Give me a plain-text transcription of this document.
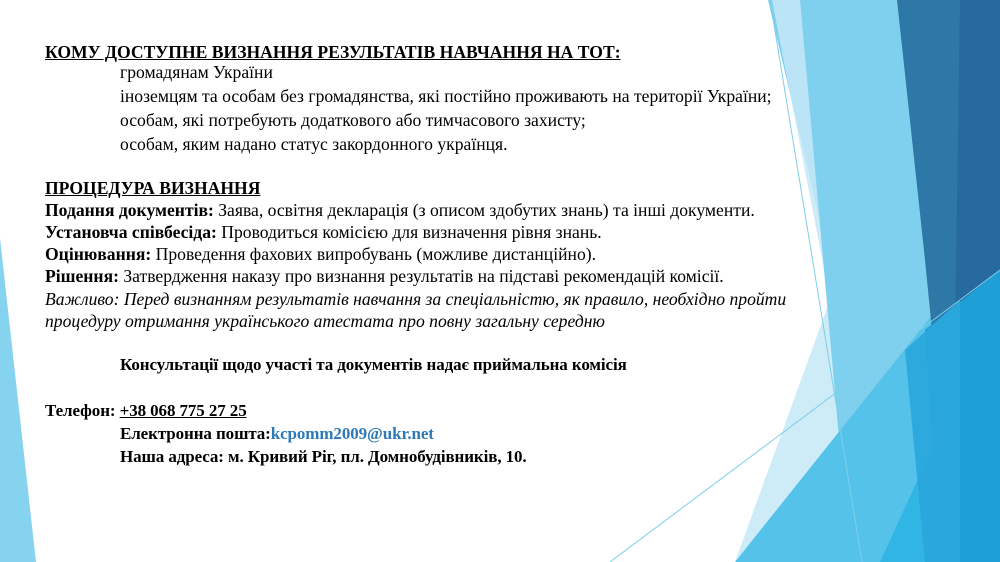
КОМУ ДОСТУПНЕ ВИЗНАННЯ РЕЗУЛЬТАТІВ НАВЧАННЯ НА ТОТ:
громадянам України
іноземцям та особам без громадянства, які постійно проживають на території України;
особам, які потребують додаткового або тимчасового захисту;
особам, яким надано статус закордонного українця.
ПРОЦЕДУРА ВИЗНАННЯ
Подання документів: Заява, освітня декларація (з описом здобутих знань) та інші документи.
Установча співбесіда: Проводиться комісією для визначення рівня знань.
Оцінювання: Проведення фахових випробувань (можливе дистанційно).
Рішення: Затвердження наказу про визнання результатів на підставі рекомендацій комісії.
Важливо: Перед визнанням результатів навчання за спеціальністю, як правило, необхідно пройти
процедуру отримання українського атестата про повну загальну середню
Консультації щодо участі та документів надає приймальна комісія
Телефон: +38 068 775 27 25
Електронна пошта:kcpomm2009@ukr.net
Наша адреса: м. Кривий Ріг, пл. Домнобудівників, 10.
